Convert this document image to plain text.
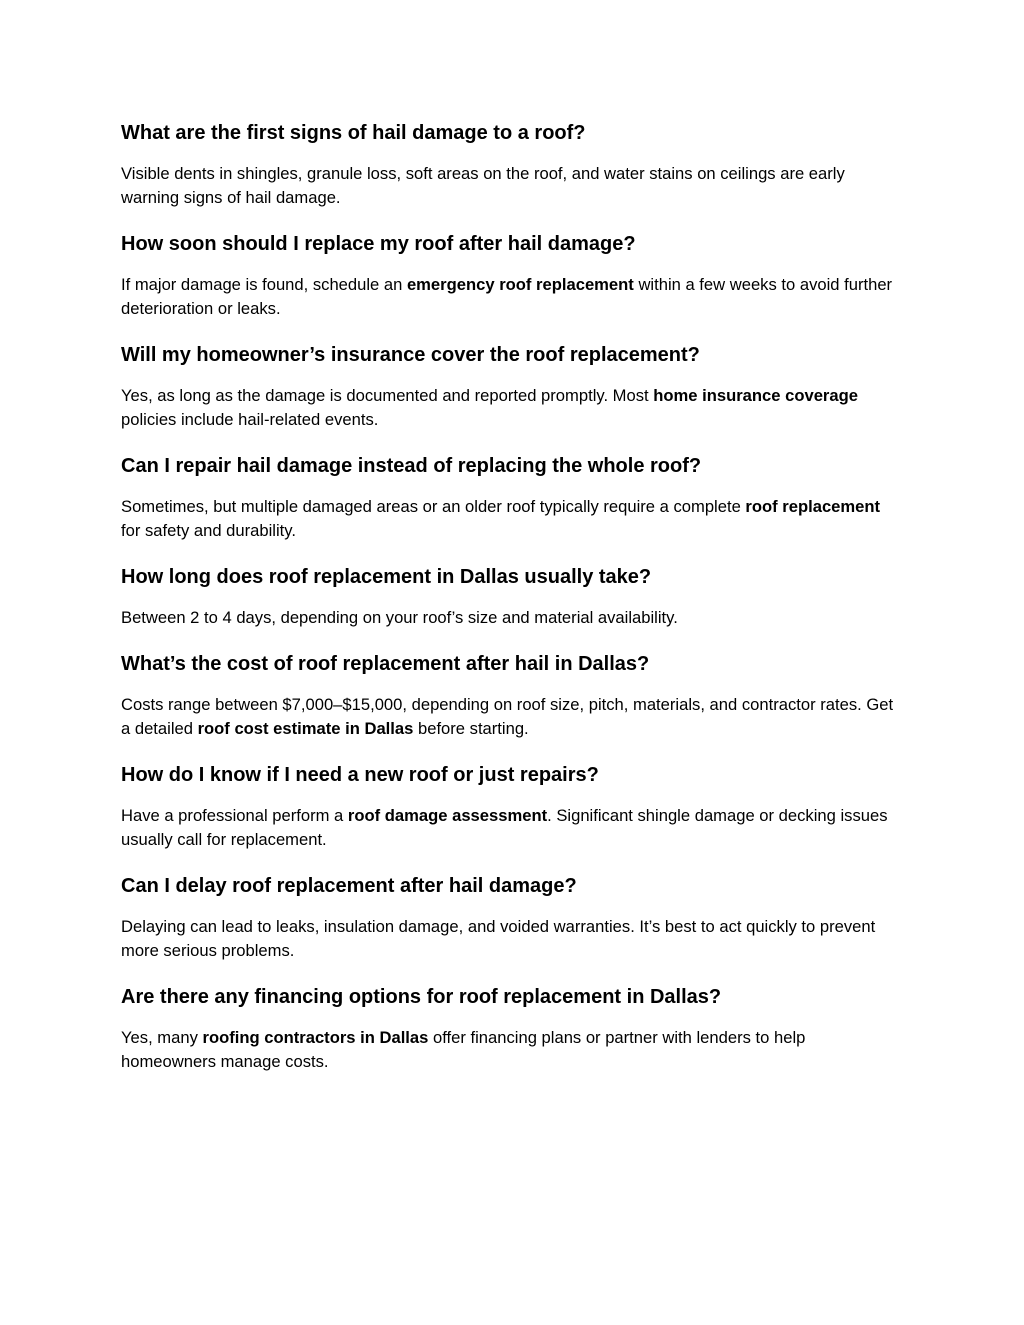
What are the first signs of hail damage to a roof?

Visible dents in shingles, granule loss, soft areas on the roof, and water stains on ceilings are early warning signs of hail damage.

How soon should I replace my roof after hail damage?

If major damage is found, schedule an emergency roof replacement within a few weeks to avoid further deterioration or leaks.

Will my homeowner’s insurance cover the roof replacement?

Yes, as long as the damage is documented and reported promptly. Most home insurance coverage policies include hail-related events.

Can I repair hail damage instead of replacing the whole roof?

Sometimes, but multiple damaged areas or an older roof typically require a complete roof replacement for safety and durability.

How long does roof replacement in Dallas usually take?

Between 2 to 4 days, depending on your roof’s size and material availability.

What’s the cost of roof replacement after hail in Dallas?

Costs range between $7,000–$15,000, depending on roof size, pitch, materials, and contractor rates. Get a detailed roof cost estimate in Dallas before starting.

How do I know if I need a new roof or just repairs?

Have a professional perform a roof damage assessment. Significant shingle damage or decking issues usually call for replacement.

Can I delay roof replacement after hail damage?

Delaying can lead to leaks, insulation damage, and voided warranties. It’s best to act quickly to prevent more serious problems.

Are there any financing options for roof replacement in Dallas?

Yes, many roofing contractors in Dallas offer financing plans or partner with lenders to help homeowners manage costs.
